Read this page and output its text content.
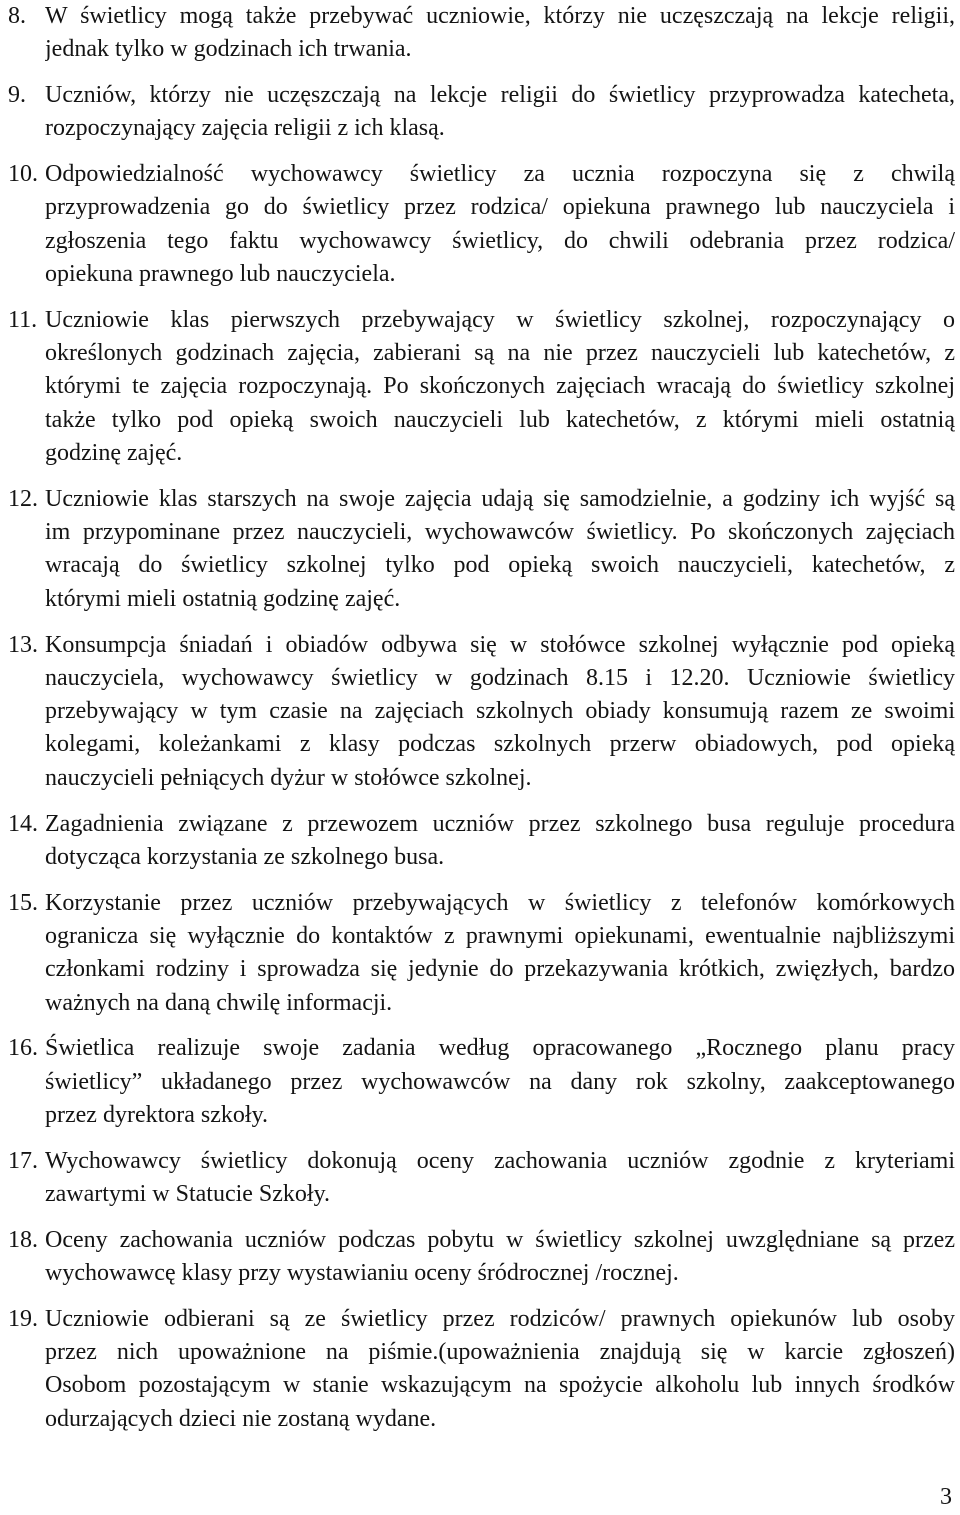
8. W świetlicy mogą także przebywać uczniowie, którzy nie uczęszczają na lekcje religii,
jednak tylko w godzinach ich trwania.
9. Uczniów, którzy nie uczęszczają na lekcje religii do świetlicy przyprowadza katecheta,
rozpoczynający zajęcia religii z ich klasą.
10. Odpowiedzialność wychowawcy świetlicy za ucznia rozpoczyna się z chwilą
przyprowadzenia go do świetlicy przez rodzica/ opiekuna prawnego lub nauczyciela i
zgłoszenia tego faktu wychowawcy świetlicy, do chwili odebrania przez rodzica/
opiekuna prawnego lub nauczyciela.
11. Uczniowie klas pierwszych przebywający w świetlicy szkolnej, rozpoczynający o
określonych godzinach zajęcia, zabierani są na nie przez nauczycieli lub katechetów, z
którymi te zajęcia rozpoczynają. Po skończonych zajęciach wracają do świetlicy szkolnej
także tylko pod opieką swoich nauczycieli lub katechetów, z którymi mieli ostatnią
godzinę zajęć.
12. Uczniowie klas starszych na swoje zajęcia udają się samodzielnie, a godziny ich wyjść są
im przypominane przez nauczycieli, wychowawców świetlicy. Po skończonych zajęciach
wracają do świetlicy szkolnej tylko pod opieką swoich nauczycieli, katechetów, z
którymi mieli ostatnią godzinę zajęć.
13. Konsumpcja śniadań i obiadów odbywa się w stołówce szkolnej wyłącznie pod opieką
nauczyciela, wychowawcy świetlicy w godzinach 8.15 i 12.20. Uczniowie świetlicy
przebywający w tym czasie na zajęciach szkolnych obiady konsumują razem ze swoimi
kolegami, koleżankami z klasy podczas szkolnych przerw obiadowych, pod opieką
nauczycieli pełniących dyżur w stołówce szkolnej.
14. Zagadnienia związane z przewozem uczniów przez szkolnego busa reguluje procedura
dotycząca korzystania ze szkolnego busa.
15. Korzystanie przez uczniów przebywających w świetlicy z telefonów komórkowych
ogranicza się wyłącznie do kontaktów z prawnymi opiekunami, ewentualnie najbliższymi
członkami rodziny i sprowadza się jedynie do przekazywania krótkich, zwięzłych, bardzo
ważnych na daną chwilę informacji.
16. Świetlica realizuje swoje zadania według opracowanego „Rocznego planu pracy
świetlicy” układanego przez wychowawców na dany rok szkolny, zaakceptowanego
przez dyrektora szkoły.
17. Wychowawcy świetlicy dokonują oceny zachowania uczniów zgodnie z kryteriami
zawartymi w Statucie Szkoły.
18. Oceny zachowania uczniów podczas pobytu w świetlicy szkolnej uwzględniane są przez
wychowawcę klasy przy wystawianiu oceny śródrocznej /rocznej.
19. Uczniowie odbierani są ze świetlicy przez rodziców/ prawnych opiekunów lub osoby
przez nich upoważnione na piśmie.(upoważnienia znajdują się w karcie zgłoszeń)
Osobom pozostającym w stanie wskazującym na spożycie alkoholu lub innych środków
odurzających dzieci nie zostaną wydane.
3
